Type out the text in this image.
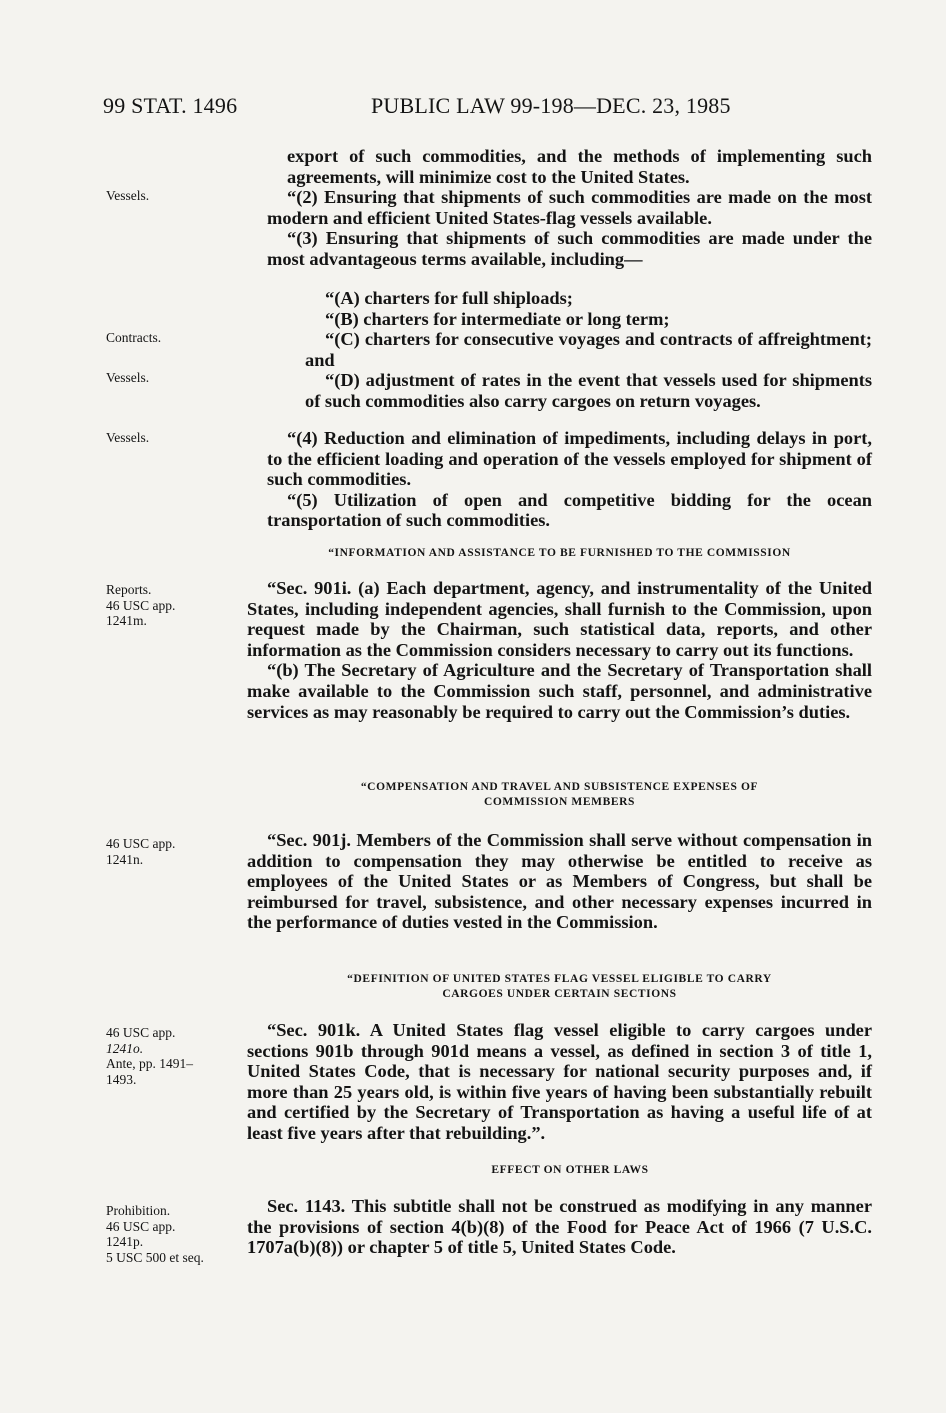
99 STAT. 1496	PUBLIC LAW 99-198—DEC. 23, 1985
Vessels.
Contracts.
Vessels.
Vessels.
Reports.
46 USC app.
1241m.
46 USC app.
1241n.
46 USC app.
1241o.
Ante, pp. 1491–
1493.
Prohibition.
46 USC app.
1241p.
5 USC 500 et seq.

export of such commodities, and the methods of implementing such agreements, will minimize cost to the United States.

“(2) Ensuring that shipments of such commodities are made on the most modern and efficient United States-flag vessels available.

“(3) Ensuring that shipments of such commodities are made under the most advantageous terms available, including—

“(A) charters for full shiploads;

“(B) charters for intermediate or long term;

“(C) charters for consecutive voyages and contracts of affreightment; and

“(D) adjustment of rates in the event that vessels used for shipments of such commodities also carry cargoes on return voyages.

“(4) Reduction and elimination of impediments, including delays in port, to the efficient loading and operation of the vessels employed for shipment of such commodities.

“(5) Utilization of open and competitive bidding for the ocean transportation of such commodities.

“INFORMATION AND ASSISTANCE TO BE FURNISHED TO THE COMMISSION

“Sec. 901i. (a) Each department, agency, and instrumentality of the United States, including independent agencies, shall furnish to the Commission, upon request made by the Chairman, such statistical data, reports, and other information as the Commission considers necessary to carry out its functions.

“(b) The Secretary of Agriculture and the Secretary of Transportation shall make available to the Commission such staff, personnel, and administrative services as may reasonably be required to carry out the Commission’s duties.

“COMPENSATION AND TRAVEL AND SUBSISTENCE EXPENSES OF
COMMISSION MEMBERS

“Sec. 901j. Members of the Commission shall serve without compensation in addition to compensation they may otherwise be entitled to receive as employees of the United States or as Members of Congress, but shall be reimbursed for travel, subsistence, and other necessary expenses incurred in the performance of duties vested in the Commission.

“DEFINITION OF UNITED STATES FLAG VESSEL ELIGIBLE TO CARRY
CARGOES UNDER CERTAIN SECTIONS

“Sec. 901k. A United States flag vessel eligible to carry cargoes under sections 901b through 901d means a vessel, as defined in section 3 of title 1, United States Code, that is necessary for national security purposes and, if more than 25 years old, is within five years of having been substantially rebuilt and certified by the Secretary of Transportation as having a useful life of at least five years after that rebuilding.”.

EFFECT ON OTHER LAWS

Sec. 1143. This subtitle shall not be construed as modifying in any manner the provisions of section 4(b)(8) of the Food for Peace Act of 1966 (7 U.S.C. 1707a(b)(8)) or chapter 5 of title 5, United States Code.
